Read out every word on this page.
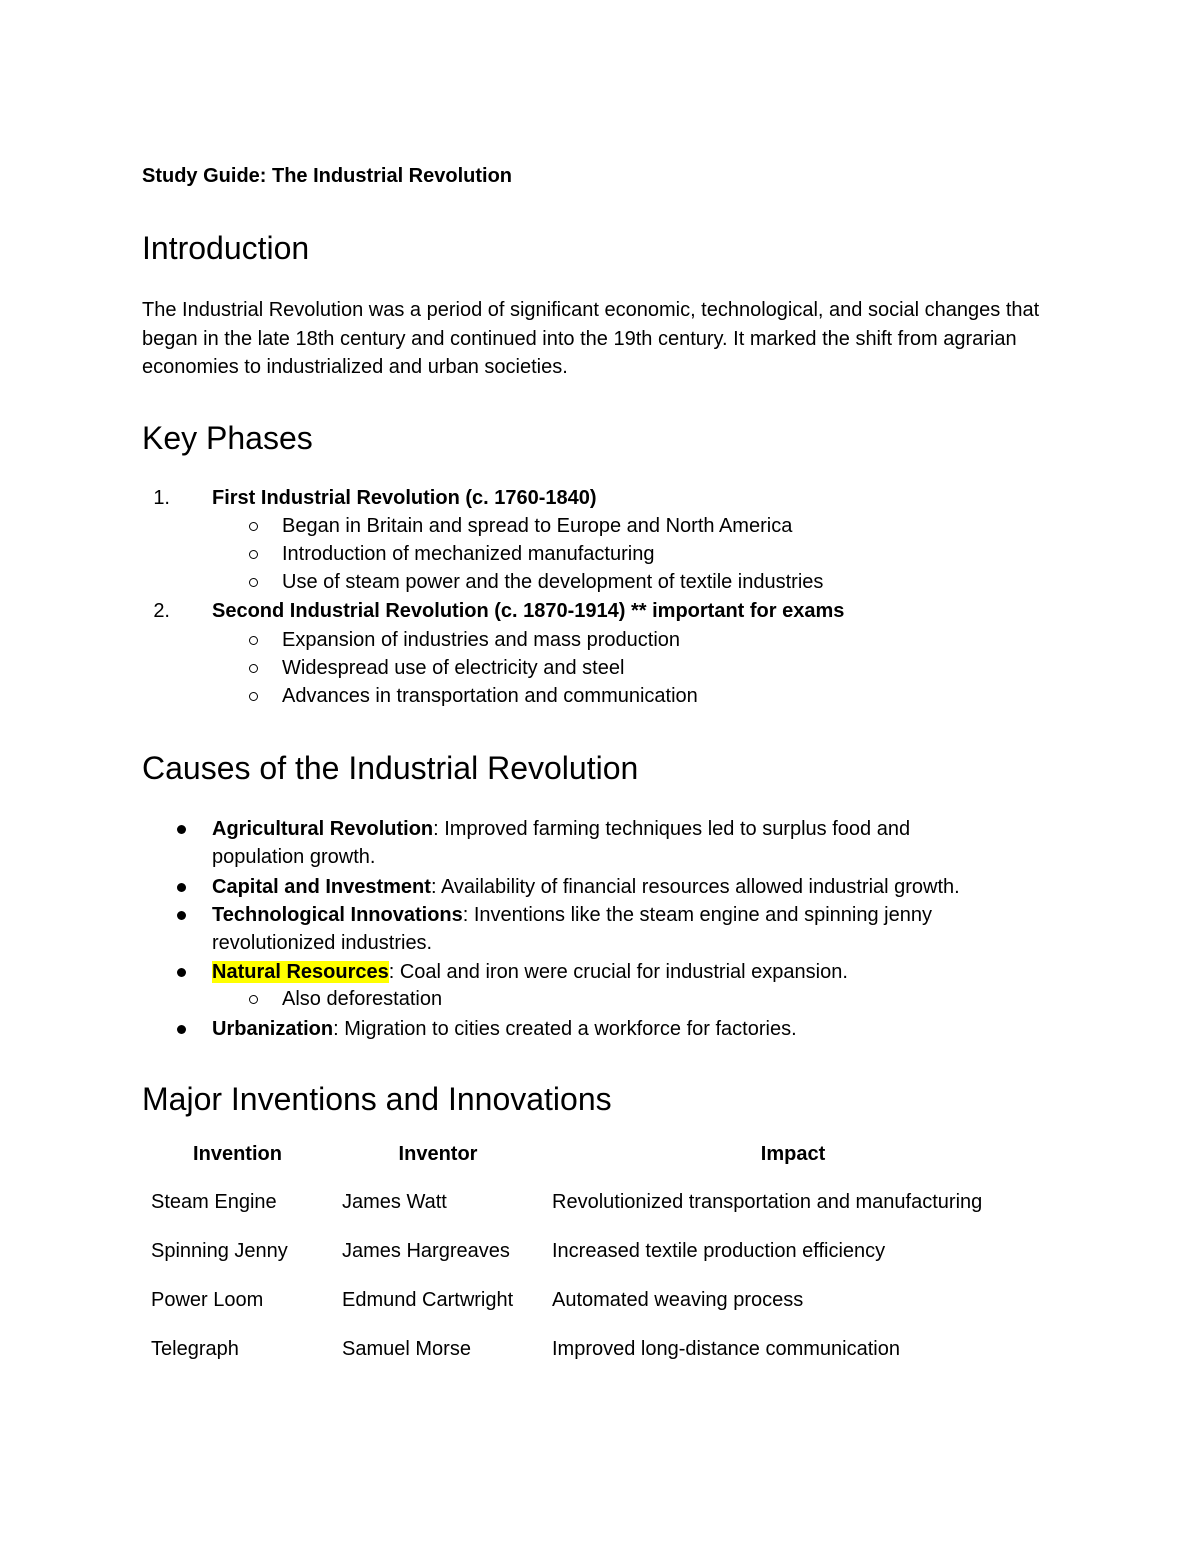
Study Guide: The Industrial Revolution
Introduction
The Industrial Revolution was a period of significant economic, technological, and social changes that began in the late 18th century and continued into the 19th century. It marked the shift from agrarian economies to industrialized and urban societies.
Key Phases
1. First Industrial Revolution (c. 1760-1840)
Began in Britain and spread to Europe and North America
Introduction of mechanized manufacturing
Use of steam power and the development of textile industries
2. Second Industrial Revolution (c. 1870-1914) ** important for exams
Expansion of industries and mass production
Widespread use of electricity and steel
Advances in transportation and communication
Causes of the Industrial Revolution
Agricultural Revolution: Improved farming techniques led to surplus food and
population growth.
Capital and Investment: Availability of financial resources allowed industrial growth.
Technological Innovations: Inventions like the steam engine and spinning jenny
revolutionized industries.
Natural Resources: Coal and iron were crucial for industrial expansion.
Also deforestation
Urbanization: Migration to cities created a workforce for factories.
Major Inventions and Innovations
Invention	Inventor	Impact
Steam Engine	James Watt	Revolutionized transportation and manufacturing
Spinning Jenny	James Hargreaves	Increased textile production efficiency
Power Loom	Edmund Cartwright	Automated weaving process
Telegraph	Samuel Morse	Improved long-distance communication
